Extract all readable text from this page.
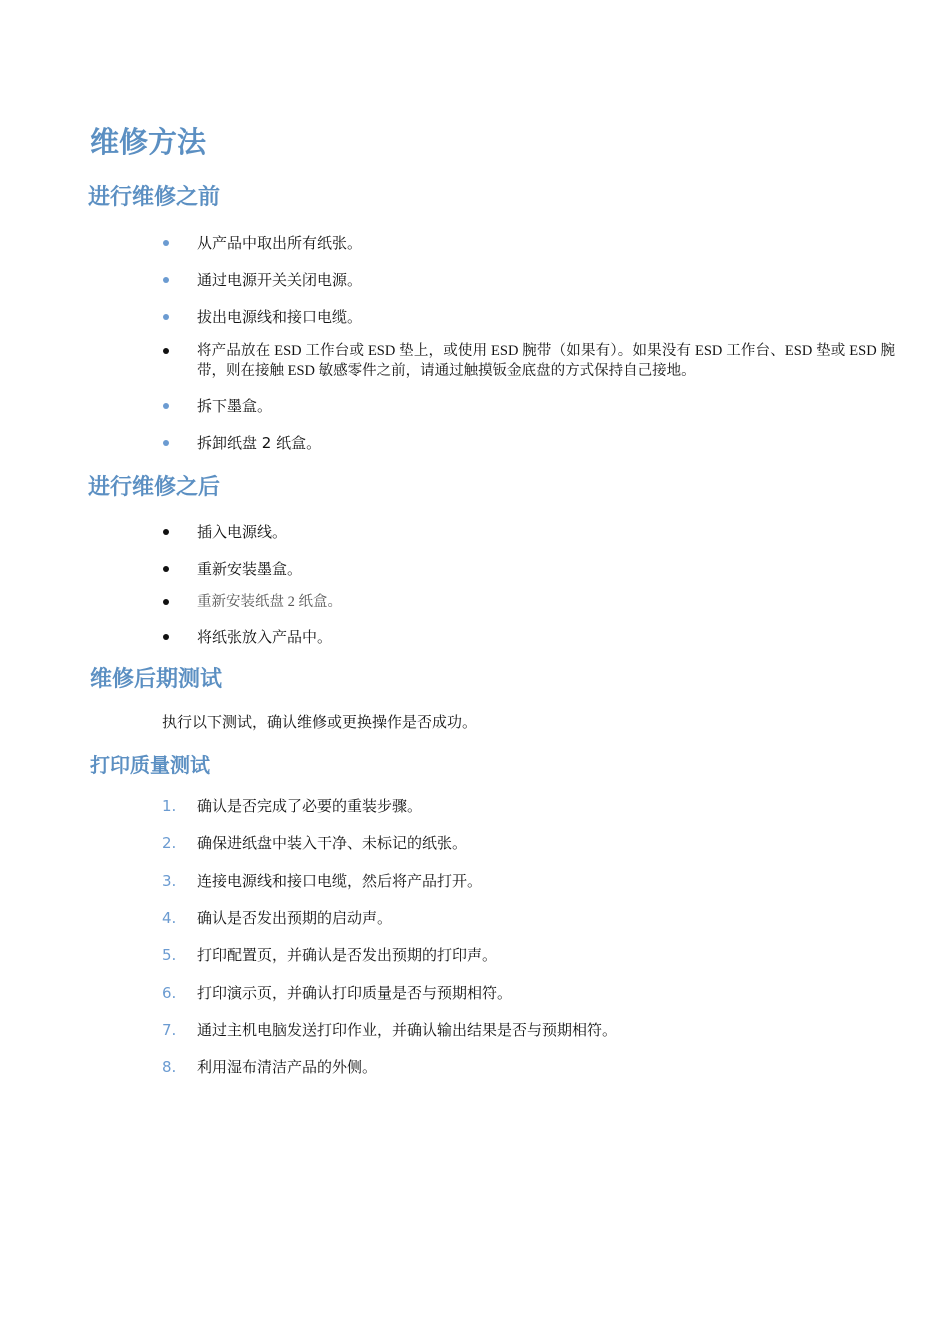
维修方法
进行维修之前
从产品中取出所有纸张。
通过电源开关关闭电源。
拔出电源线和接口电缆。
将产品放在 ESD 工作台或 ESD 垫上，或使用 ESD 腕带（如果有）。如果没有 ESD 工作台、ESD 垫或 ESD 腕带，则在接触 ESD 敏感零件之前，请通过触摸钣金底盘的方式保持自己接地。
拆下墨盒。
拆卸纸盘 2 纸盒。
进行维修之后
插入电源线。
重新安装墨盒。
重新安装纸盘 2 纸盒。
将纸张放入产品中。
维修后期测试

执行以下测试，确认维修或更换操作是否成功。

打印质量测试
1. 确认是否完成了必要的重装步骤。
2. 确保进纸盘中装入干净、未标记的纸张。
3. 连接电源线和接口电缆，然后将产品打开。
4. 确认是否发出预期的启动声。
5. 打印配置页，并确认是否发出预期的打印声。
6. 打印演示页，并确认打印质量是否与预期相符。
7. 通过主机电脑发送打印作业，并确认输出结果是否与预期相符。
8. 利用湿布清洁产品的外侧。
